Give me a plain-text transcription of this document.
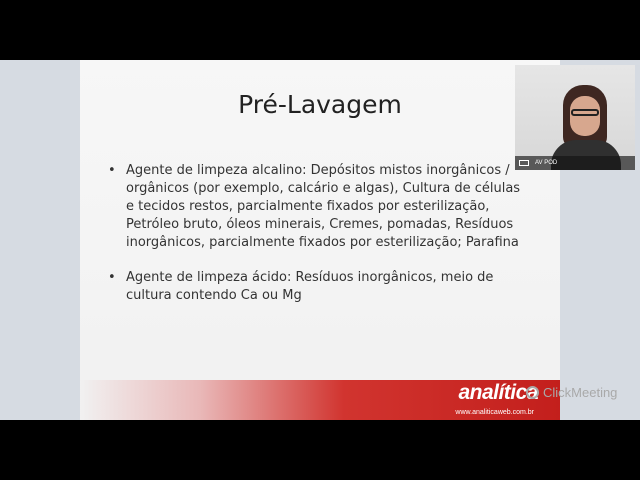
Pré-Lavagem
• Agente de limpeza alcalino: Depósitos mistos inorgânicos / orgânicos (por exemplo, calcário e algas), Cultura de células e tecidos restos, parcialmente fixados por esterilização, Petróleo bruto, óleos minerais, Cremes, pomadas, Resíduos inorgânicos, parcialmente fixados por esterilização; Parafina
• Agente de limpeza ácido: Resíduos inorgânicos, meio de cultura contendo Ca ou Mg
analítica
www.analiticaweb.com.br
AV POD
ClickMeeting
